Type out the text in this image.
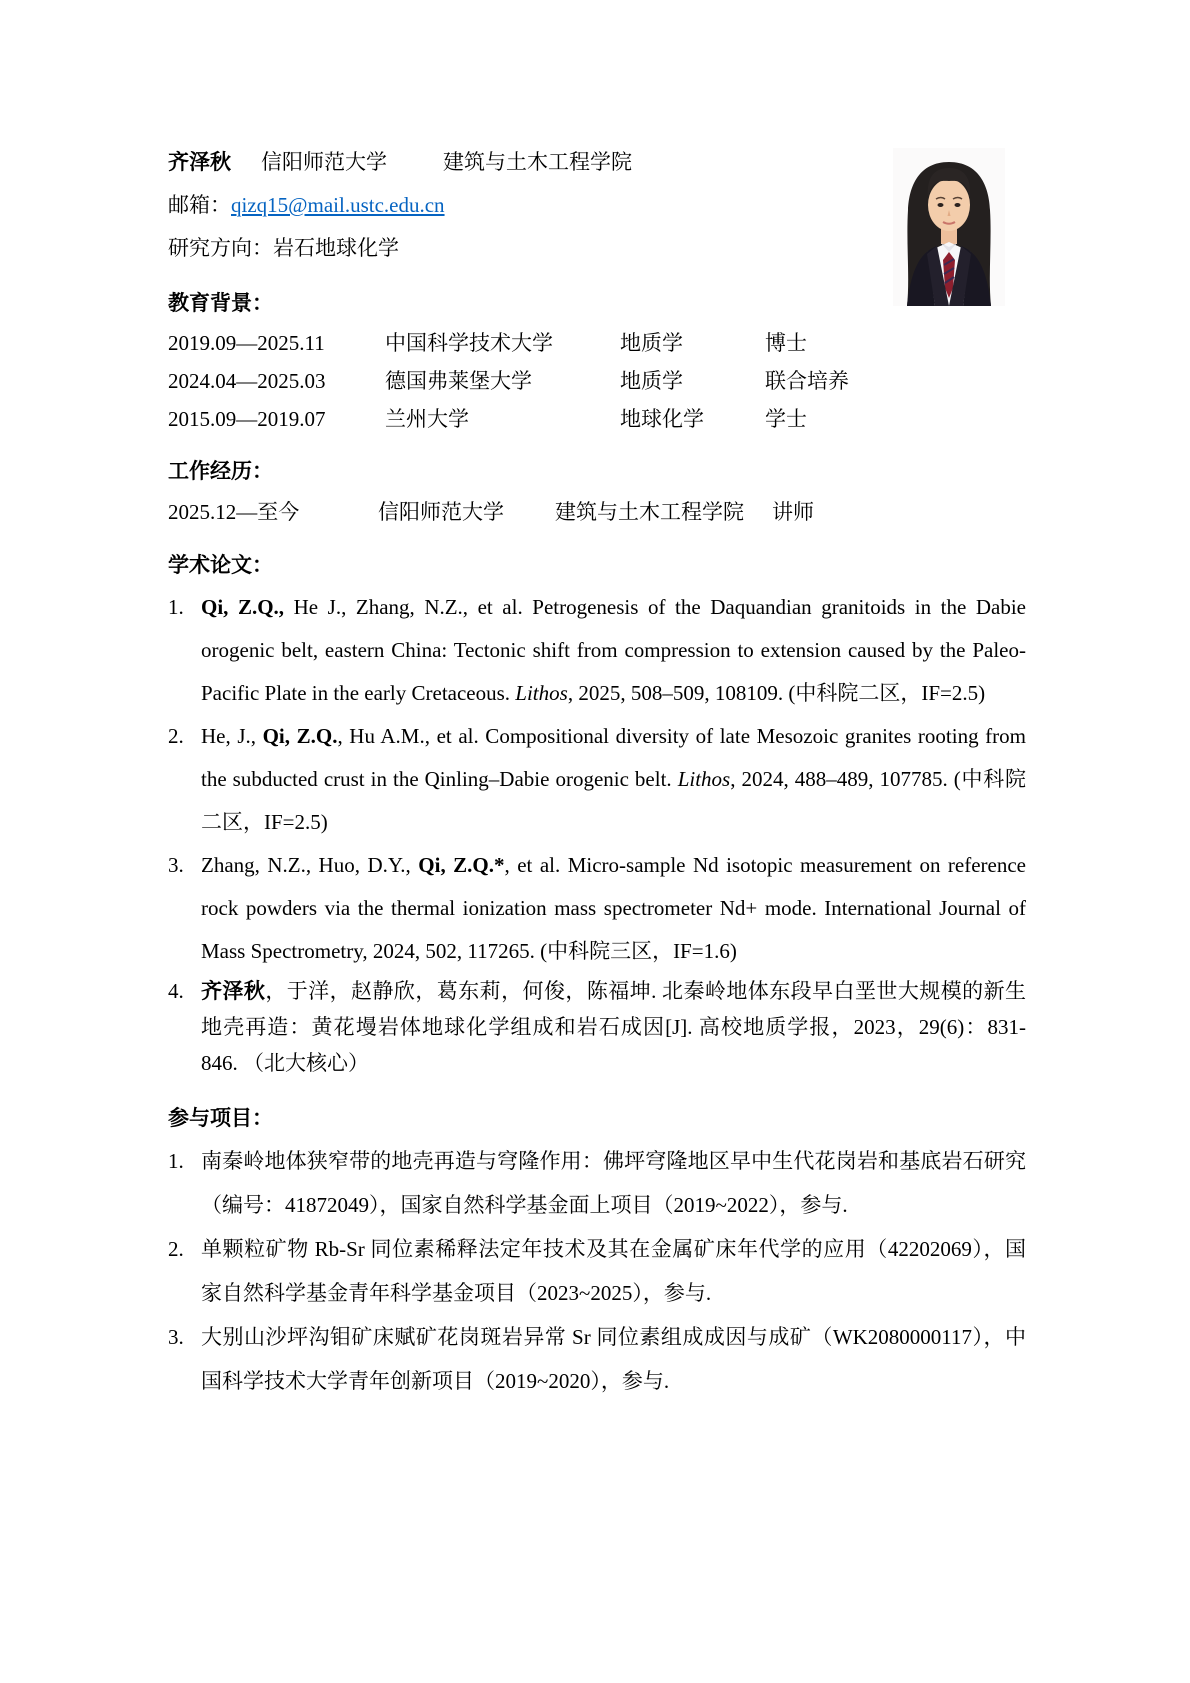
齐泽秋 信阳师范大学	建筑与土木工程学院
邮箱：qizq15@mail.ustc.edu.cn
研究方向：岩石地球化学
教育背景：
2019.09—2025.11	中国科学技术大学	地质学	博士
2024.04—2025.03	德国弗莱堡大学	地质学	联合培养
2015.09—2019.07	兰州大学	地球化学	学士
工作经历：
2025.12—至今	信阳师范大学	建筑与土木工程学院	讲师
学术论文：
1. Qi, Z.Q., He J., Zhang, N.Z., et al. Petrogenesis of the Daquandian granitoids in the Dabie orogenic belt, eastern China: Tectonic shift from compression to extension caused by the Paleo-Pacific Plate in the early Cretaceous. Lithos, 2025, 508–509, 108109. (中科院二区，IF=2.5)
2. He, J., Qi, Z.Q., Hu A.M., et al. Compositional diversity of late Mesozoic granites rooting from the subducted crust in the Qinling–Dabie orogenic belt. Lithos, 2024, 488–489, 107785. (中科院二区，IF=2.5)
3. Zhang, N.Z., Huo, D.Y., Qi, Z.Q.*, et al. Micro-sample Nd isotopic measurement on reference rock powders via the thermal ionization mass spectrometer Nd+ mode. International Journal of Mass Spectrometry, 2024, 502, 117265. (中科院三区，IF=1.6)
4. 齐泽秋，于洋，赵静欣，葛东莉，何俊，陈福坤. 北秦岭地体东段早白垩世大规模的新生地壳再造：黄花墁岩体地球化学组成和岩石成因[J]. 高校地质学报，2023，29(6)：831-846. （北大核心）
参与项目：
1. 南秦岭地体狭窄带的地壳再造与穹隆作用：佛坪穹隆地区早中生代花岗岩和基底岩石研究（编号：41872049），国家自然科学基金面上项目（2019~2022），参与.
2. 单颗粒矿物 Rb-Sr 同位素稀释法定年技术及其在金属矿床年代学的应用（42202069），国家自然科学基金青年科学基金项目（2023~2025），参与.
3. 大别山沙坪沟钼矿床赋矿花岗斑岩异常 Sr 同位素组成成因与成矿（WK2080000117），中国科学技术大学青年创新项目（2019~2020），参与.
